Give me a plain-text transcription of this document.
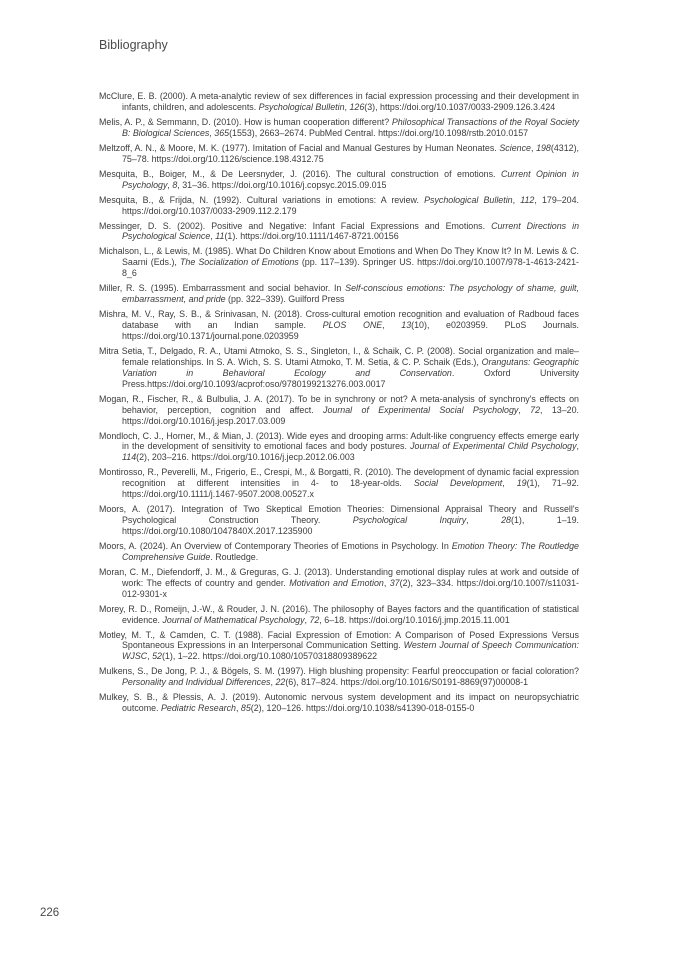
Bibliography

McClure, E. B. (2000). A meta-analytic review of sex differences in facial expression processing and their development in infants, children, and adolescents. Psychological Bulletin, 126(3), https://doi.org/10.1037/0033-2909.126.3.424

Melis, A. P., & Semmann, D. (2010). How is human cooperation different? Philosophical Transactions of the Royal Society B: Biological Sciences, 365(1553), 2663–2674. PubMed Central. https://doi.org/10.1098/rstb.2010.0157

Meltzoff, A. N., & Moore, M. K. (1977). Imitation of Facial and Manual Gestures by Human Neonates. Science, 198(4312), 75–78. https://doi.org/10.1126/science.198.4312.75

Mesquita, B., Boiger, M., & De Leersnyder, J. (2016). The cultural construction of emotions. Current Opinion in Psychology, 8, 31–36. https://doi.org/10.1016/j.copsyc.2015.09.015

Mesquita, B., & Frijda, N. (1992). Cultural variations in emotions: A review. Psychological Bulletin, 112, 179–204. https://doi.org/10.1037/0033-2909.112.2.179

Messinger, D. S. (2002). Positive and Negative: Infant Facial Expressions and Emotions. Current Directions in Psychological Science, 11(1). https://doi.org/10.1111/1467-8721.00156

Michalson, L., & Lewis, M. (1985). What Do Children Know about Emotions and When Do They Know It? In M. Lewis & C. Saarni (Eds.), The Socialization of Emotions (pp. 117–139). Springer US. https://doi.org/10.1007/978-1-4613-2421-8_6

Miller, R. S. (1995). Embarrassment and social behavior. In Self-conscious emotions: The psychology of shame, guilt, embarrassment, and pride (pp. 322–339). Guilford Press

Mishra, M. V., Ray, S. B., & Srinivasan, N. (2018). Cross-cultural emotion recognition and evaluation of Radboud faces database with an Indian sample. PLOS ONE, 13(10), e0203959. PLoS Journals. https://doi.org/10.1371/journal.pone.0203959

Mitra Setia, T., Delgado, R. A., Utami Atmoko, S. S., Singleton, I., & Schaik, C. P. (2008). Social organization and male–female relationships. In S. A. Wich, S. S. Utami Atmoko, T. M. Setia, & C. P. Schaik (Eds.), Orangutans: Geographic Variation in Behavioral Ecology and Conservation. Oxford University Press.https://doi.org/10.1093/acprof:oso/9780199213276.003.0017

Mogan, R., Fischer, R., & Bulbulia, J. A. (2017). To be in synchrony or not? A meta-analysis of synchrony's effects on behavior, perception, cognition and affect. Journal of Experimental Social Psychology, 72, 13–20. https://doi.org/10.1016/j.jesp.2017.03.009

Mondloch, C. J., Horner, M., & Mian, J. (2013). Wide eyes and drooping arms: Adult-like congruency effects emerge early in the development of sensitivity to emotional faces and body postures. Journal of Experimental Child Psychology, 114(2), 203–216. https://doi.org/10.1016/j.jecp.2012.06.003

Montirosso, R., Peverelli, M., Frigerio, E., Crespi, M., & Borgatti, R. (2010). The development of dynamic facial expression recognition at different intensities in 4- to 18-year-olds. Social Development, 19(1), 71–92. https://doi.org/10.1111/j.1467-9507.2008.00527.x

Moors, A. (2017). Integration of Two Skeptical Emotion Theories: Dimensional Appraisal Theory and Russell's Psychological Construction Theory. Psychological Inquiry, 28(1), 1–19. https://doi.org/10.1080/1047840X.2017.1235900

Moors, A. (2024). An Overview of Contemporary Theories of Emotions in Psychology. In Emotion Theory: The Routledge Comprehensive Guide. Routledge.

Moran, C. M., Diefendorff, J. M., & Greguras, G. J. (2013). Understanding emotional display rules at work and outside of work: The effects of country and gender. Motivation and Emotion, 37(2), 323–334. https://doi.org/10.1007/s11031-012-9301-x

Morey, R. D., Romeijn, J.-W., & Rouder, J. N. (2016). The philosophy of Bayes factors and the quantification of statistical evidence. Journal of Mathematical Psychology, 72, 6–18. https://doi.org/10.1016/j.jmp.2015.11.001

Motley, M. T., & Camden, C. T. (1988). Facial Expression of Emotion: A Comparison of Posed Expressions Versus Spontaneous Expressions in an Interpersonal Communication Setting. Western Journal of Speech Communication: WJSC, 52(1), 1–22. https://doi.org/10.1080/10570318809389622

Mulkens, S., De Jong, P. J., & Bögels, S. M. (1997). High blushing propensity: Fearful preoccupation or facial coloration? Personality and Individual Differences, 22(6), 817–824. https://doi.org/10.1016/S0191-8869(97)00008-1

Mulkey, S. B., & Plessis, A. J. (2019). Autonomic nervous system development and its impact on neuropsychiatric outcome. Pediatric Research, 85(2), 120–126. https://doi.org/10.1038/s41390-018-0155-0

226
